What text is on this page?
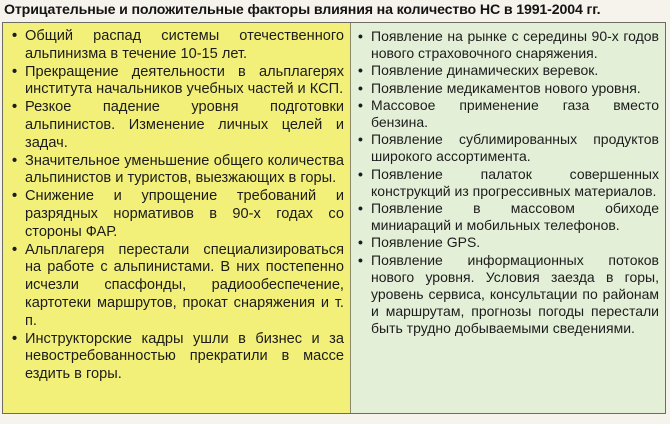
Отрицательные и положительные факторы влияния на количество НС в 1991-2004 гг.
• Общий распад системы отечественного альпинизма в течение 10-15 лет.
• Прекращение деятельности в альплагерях института начальников учебных частей и КСП.
• Резкое падение уровня подготовки альпинистов. Изменение личных целей и задач.
• Значительное уменьшение общего количества альпинистов и туристов, выезжающих в горы.
• Снижение и упрощение требований и разрядных нормативов в 90-х годах со стороны ФАР.
• Альплагеря перестали специализироваться на работе с альпинистами. В них постепенно исчезли спасфонды, радиообеспечение, картотеки маршрутов, прокат снаряжения и т. п.
• Инструкторские кадры ушли в бизнес и за невостребованностью прекратили в массе ездить в горы.
• Появление на рынке с середины 90-х годов нового страховочного снаряжения.
• Появление динамических веревок.
• Появление медикаментов нового уровня.
• Массовое применение газа вместо бензина.
• Появление сублимированных продуктов широкого ассортимента.
• Появление палаток совершенных конструкций из прогрессивных материалов.
• Появление в массовом обиходе миниараций и мобильных телефонов.
• Появление GPS.
• Появление информационных потоков нового уровня. Условия заезда в горы, уровень сервиса, консультации по районам и маршрутам, прогнозы погоды перестали быть трудно добываемыми сведениями.
